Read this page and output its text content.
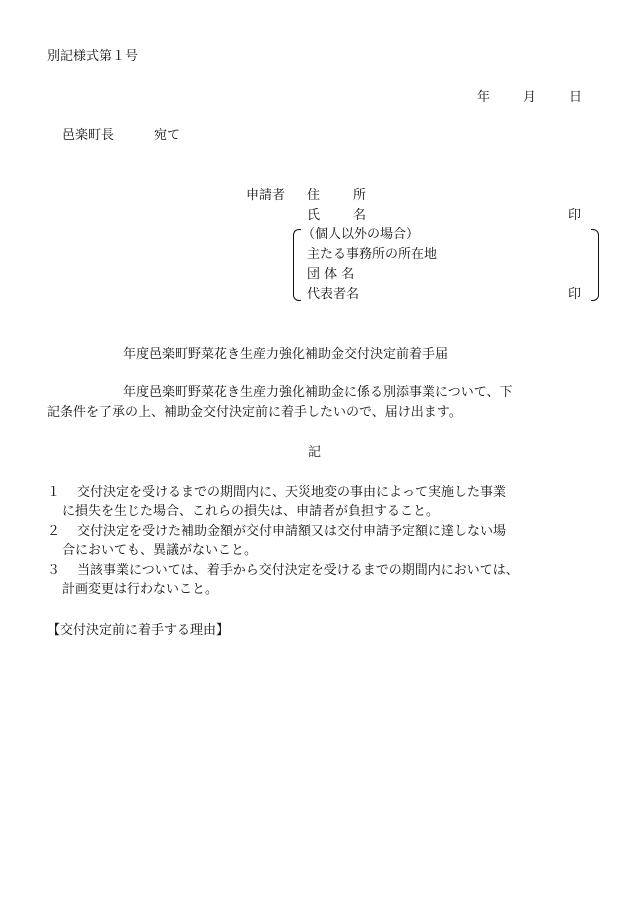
別記様式第１号
年	月	日
邑楽町長	宛て
申請者 住	所
氏	名	印
（個人以外の場合）
主たる事務所の所在地
団 体 名
代表者名	印
年度邑楽町野菜花き生産力強化補助金交付決定前着手届
年度邑楽町野菜花き生産力強化補助金に係る別添事業について、下
記条件を了承の上、補助金交付決定前に着手したいので、届け出ます。
記
１ 交付決定を受けるまでの期間内に、天災地変の事由によって実施した事業
に損失を生じた場合、これらの損失は、申請者が負担すること。
２ 交付決定を受けた補助金額が交付申請額又は交付申請予定額に達しない場
合においても、異議がないこと。
３ 当該事業については、着手から交付決定を受けるまでの期間内においては、
計画変更は行わないこと。
【交付決定前に着手する理由】
